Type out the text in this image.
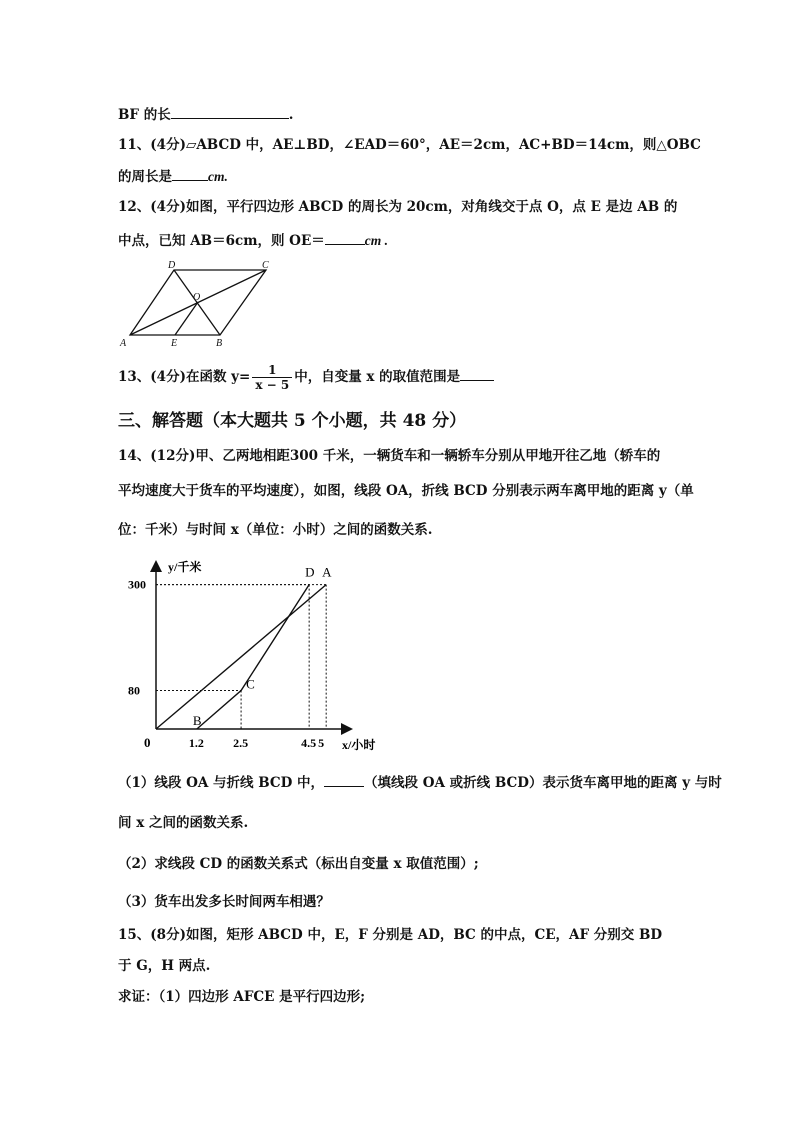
BF 的长	.
11、(4分)▱ABCD 中，AE⊥BD，∠EAD＝60°，AE＝2cm，AC+BD＝14cm，则△OBC
的周长是	cm.
12、(4分)如图，平行四边形 ABCD 的周长为 20cm，对角线交于点 O，点 E 是边 AB 的
中点，已知 AB＝6cm，则 OE＝	cm .
A	B
C
D
O
E
13、(4分)在函数 $y= \frac{1}{x - 5}$ 中，自变量 x 的取值范围是
三、解答题（本大题共 5 个小题，共 48 分）
14、(12分)甲、乙两地相距300 千米，一辆货车和一辆轿车分别从甲地开往乙地（轿车的
平均速度大于货车的平均速度），如图，线段 OA，折线 BCD 分别表示两车离甲地的距离 y（单
位：千米）与时间 x（单位：小时）之间的函数关系.
y/千米
x/小时
0	1.2 2.5	4.5 5
80
300
A
B
C
D
（1）线段 OA 与折线 BCD 中，	（填线段 OA 或折线 BCD）表示货车离甲地的距离 y 与时
间 x 之间的函数关系.
（2）求线段 CD 的函数关系式（标出自变量 x 取值范围）;
（3）货车出发多长时间两车相遇？
15、(8分)如图，矩形 ABCD 中，E，F 分别是 AD，BC 的中点，CE，AF 分别交 BD
于 G，H 两点.
求证：（1）四边形 AFCE 是平行四边形;
